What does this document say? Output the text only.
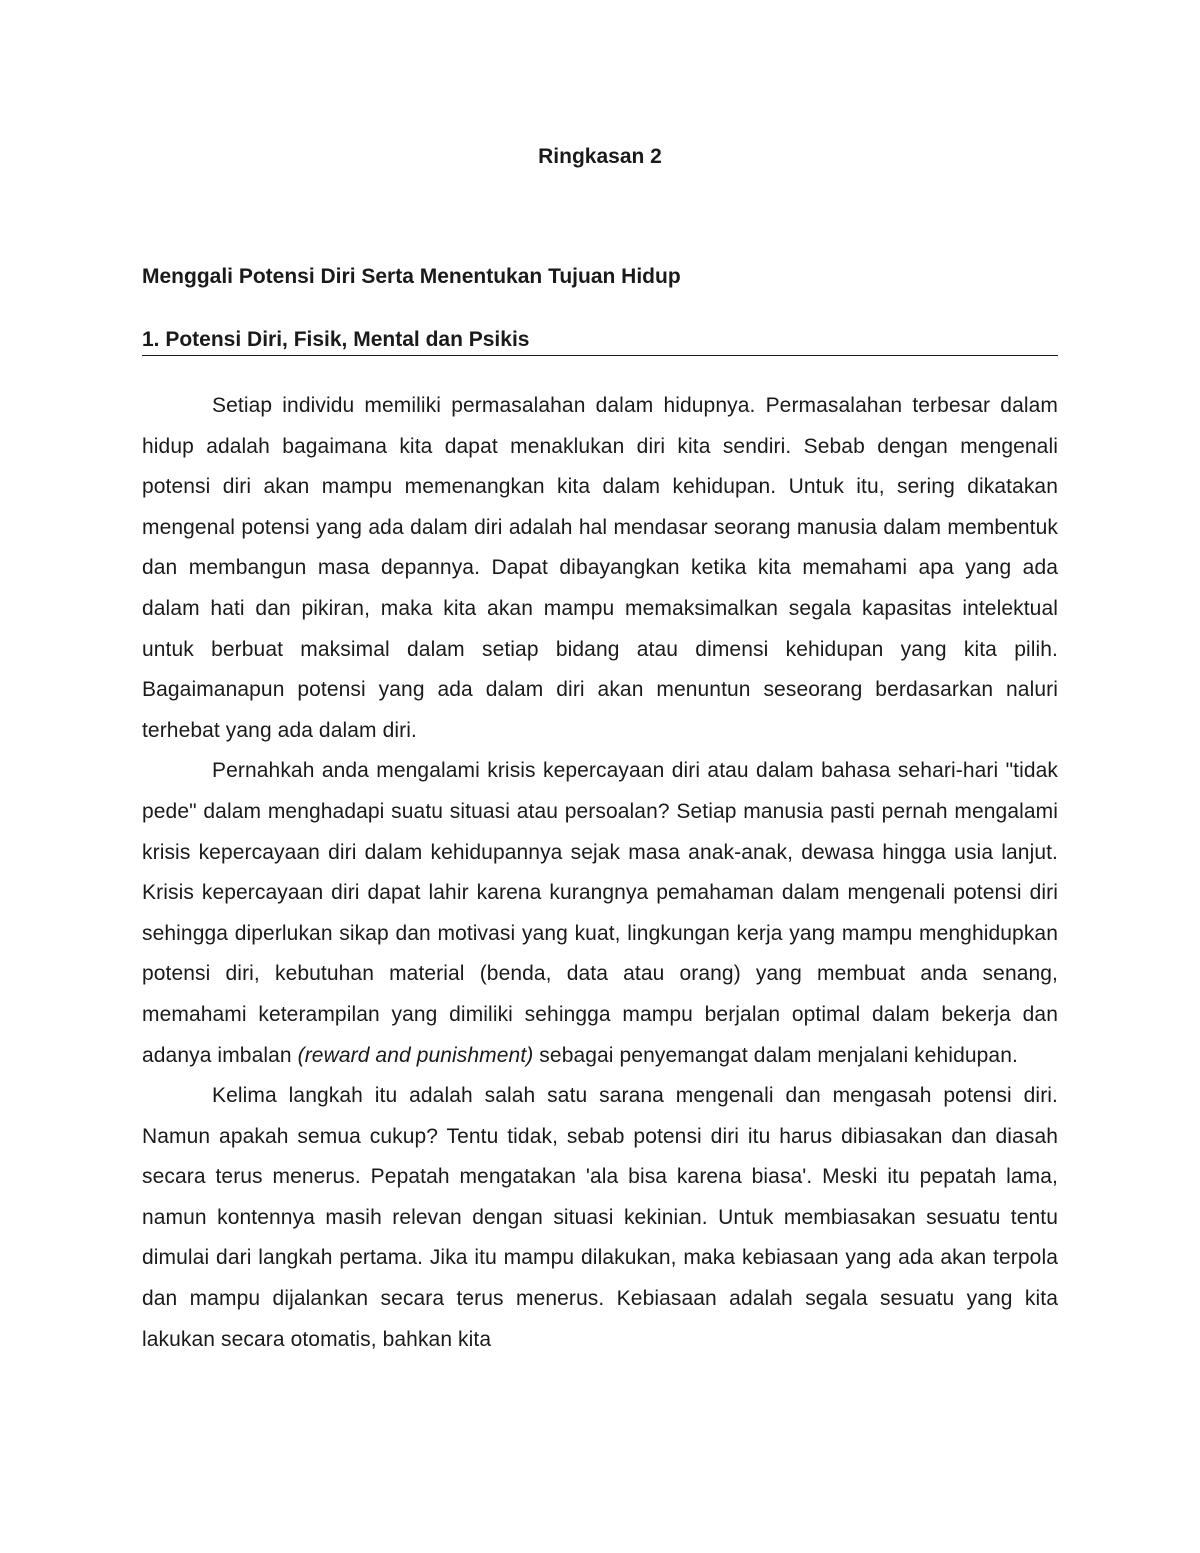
Ringkasan 2
Menggali Potensi Diri Serta Menentukan Tujuan Hidup
1. Potensi Diri, Fisik, Mental dan Psikis

Setiap individu memiliki permasalahan dalam hidupnya. Permasalahan terbesar dalam hidup adalah bagaimana kita dapat menaklukan diri kita sendiri. Sebab dengan mengenali potensi diri akan mampu memenangkan kita dalam kehidupan. Untuk itu, sering dikatakan mengenal potensi yang ada dalam diri adalah hal mendasar seorang manusia dalam membentuk dan membangun masa depannya. Dapat dibayangkan ketika kita memahami apa yang ada dalam hati dan pikiran, maka kita akan mampu memaksimalkan segala kapasitas intelektual untuk berbuat maksimal dalam setiap bidang atau dimensi kehidupan yang kita pilih. Bagaimanapun potensi yang ada dalam diri akan menuntun seseorang berdasarkan naluri terhebat yang ada dalam diri.

Pernahkah anda mengalami krisis kepercayaan diri atau dalam bahasa sehari-hari "tidak pede" dalam menghadapi suatu situasi atau persoalan? Setiap manusia pasti pernah mengalami krisis kepercayaan diri dalam kehidupannya sejak masa anak-anak, dewasa hingga usia lanjut. Krisis kepercayaan diri dapat lahir karena kurangnya pemahaman dalam mengenali potensi diri sehingga diperlukan sikap dan motivasi yang kuat, lingkungan kerja yang mampu menghidupkan potensi diri, kebutuhan material (benda, data atau orang) yang membuat anda senang, memahami keterampilan yang dimiliki sehingga mampu berjalan optimal dalam bekerja dan adanya imbalan (reward and punishment) sebagai penyemangat dalam menjalani kehidupan.

Kelima langkah itu adalah salah satu sarana mengenali dan mengasah potensi diri. Namun apakah semua cukup? Tentu tidak, sebab potensi diri itu harus dibiasakan dan diasah secara terus menerus. Pepatah mengatakan 'ala bisa karena biasa'. Meski itu pepatah lama, namun kontennya masih relevan dengan situasi kekinian. Untuk membiasakan sesuatu tentu dimulai dari langkah pertama. Jika itu mampu dilakukan, maka kebiasaan yang ada akan terpola dan mampu dijalankan secara terus menerus. Kebiasaan adalah segala sesuatu yang kita lakukan secara otomatis, bahkan kita
